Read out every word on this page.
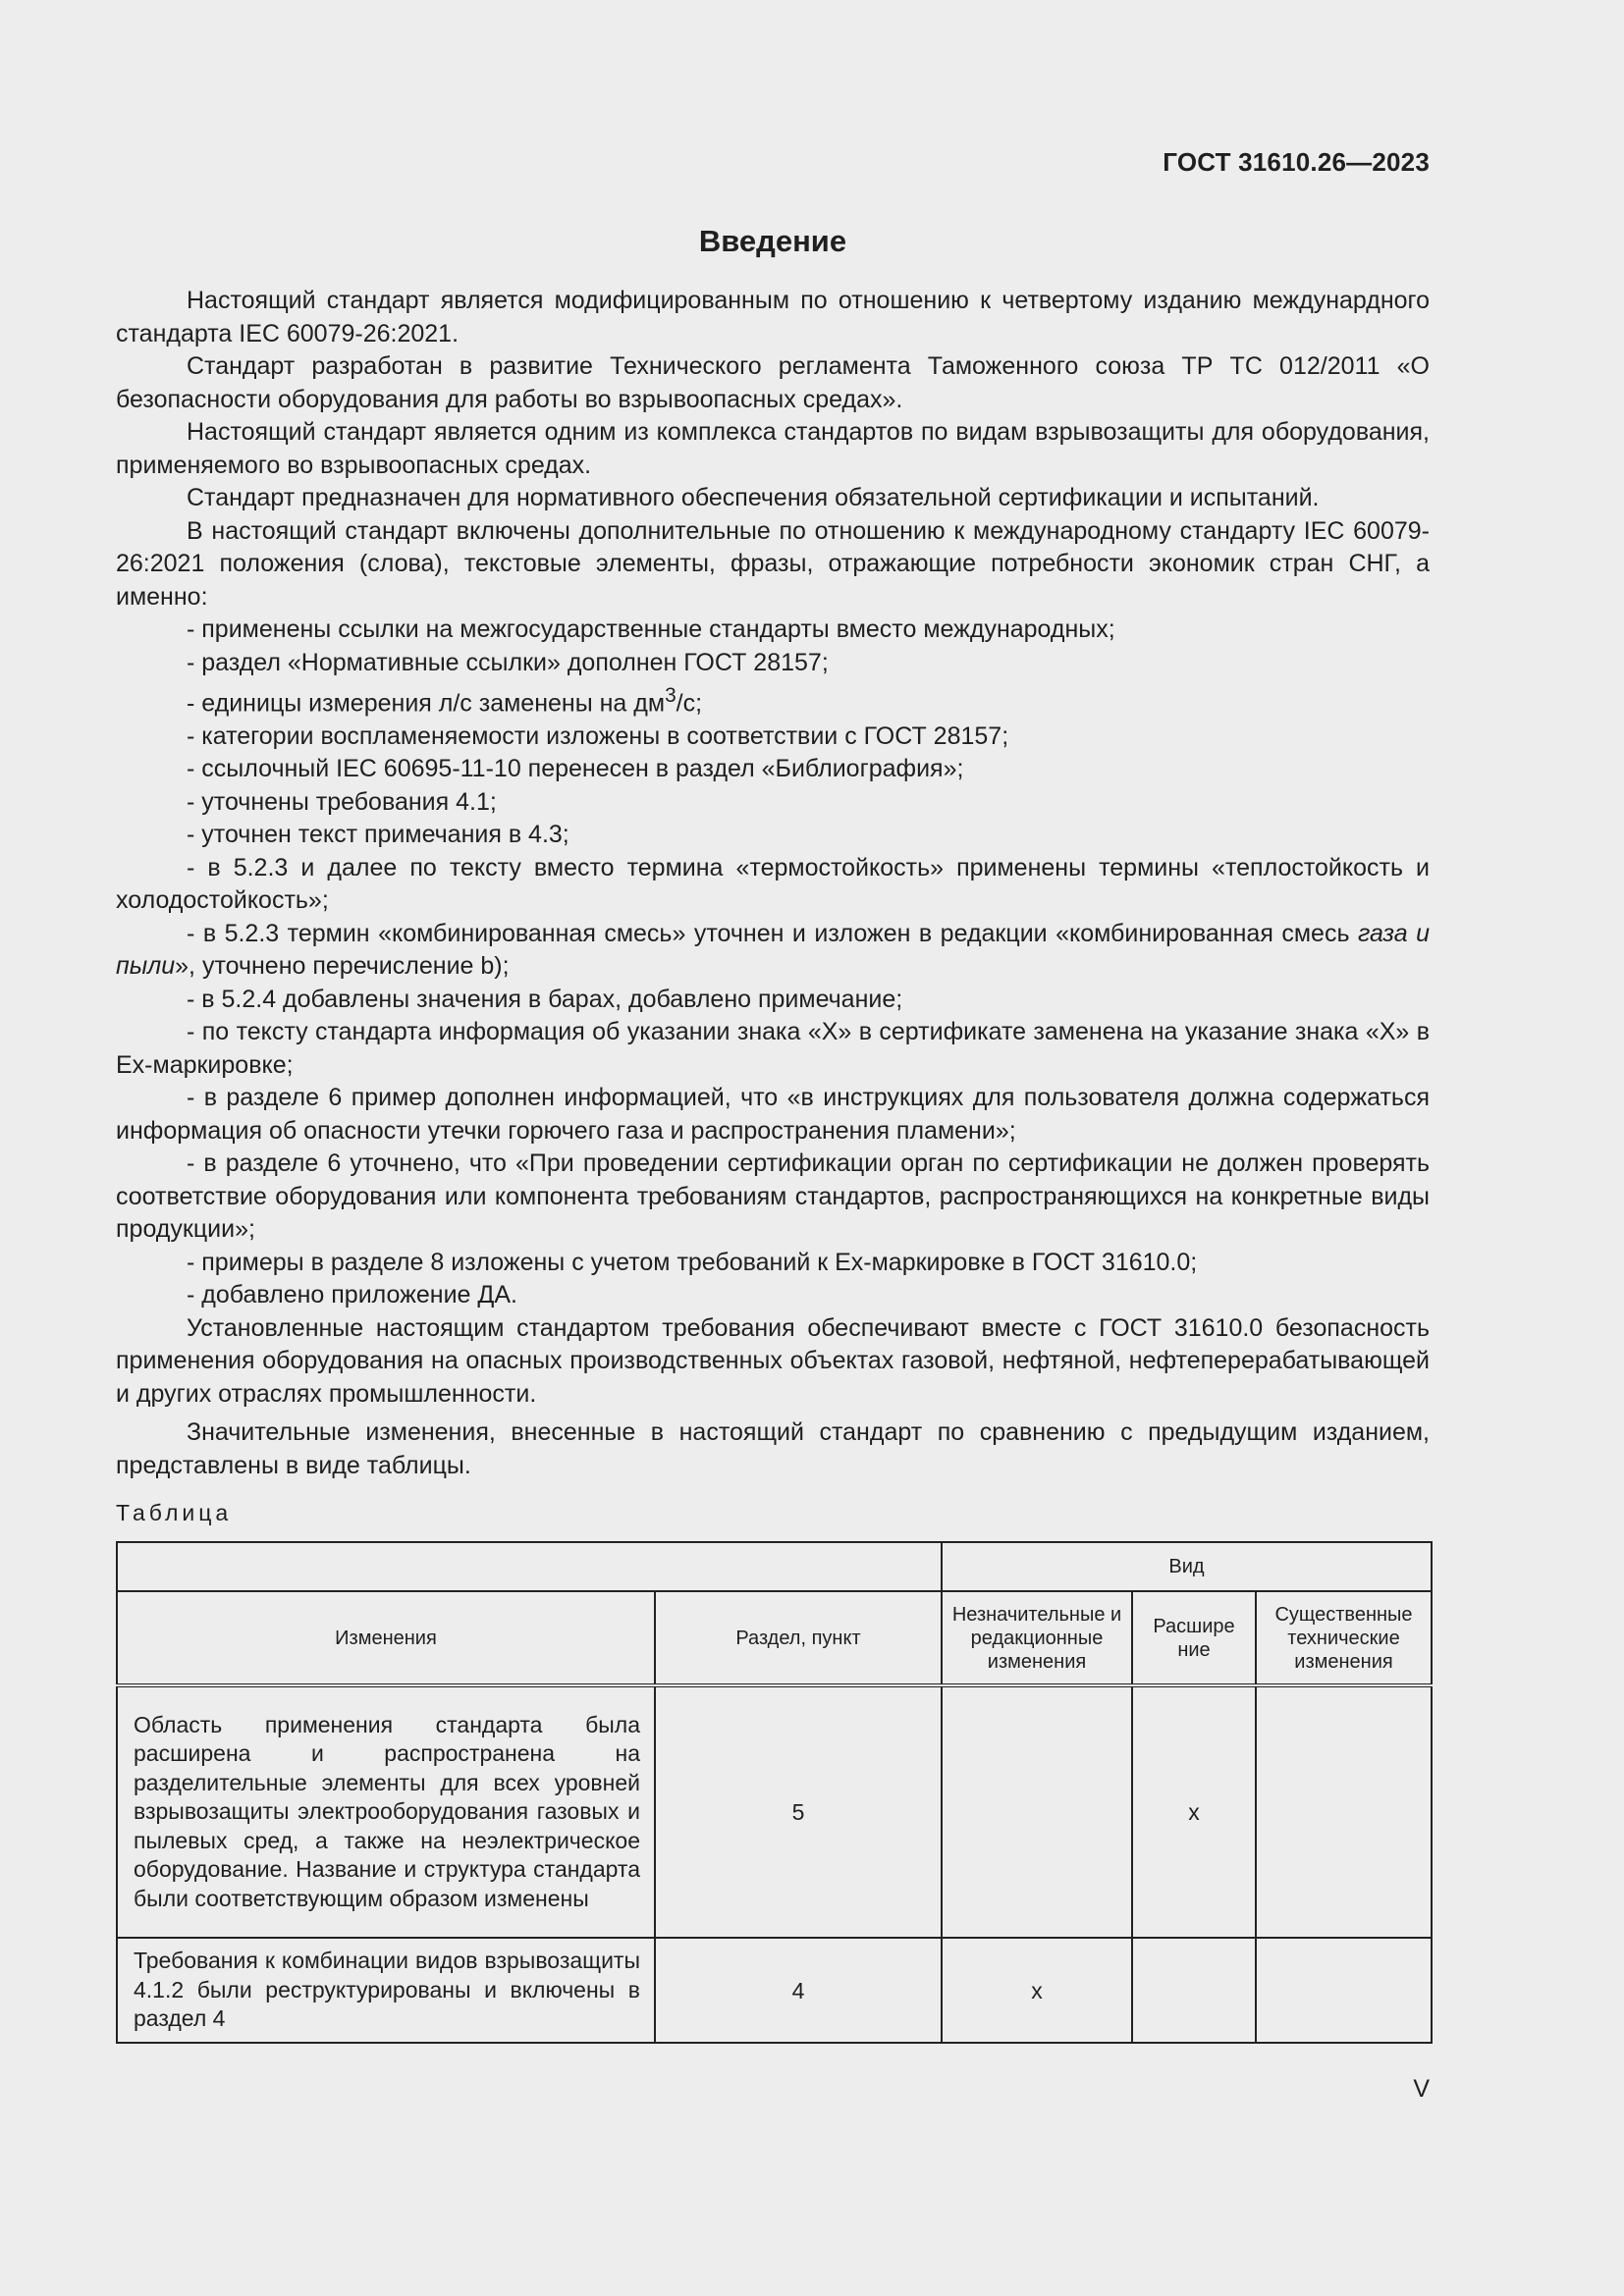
ГОСТ 31610.26—2023
Введение

Настоящий стандарт является модифицированным по отношению к четвертому изданию междунардного стандарта IEC 60079-26:2021.

Стандарт разработан в развитие Технического регламента Таможенного союза ТР ТС 012/2011 «О безопасности оборудования для работы во взрывоопасных средах».

Настоящий стандарт является одним из комплекса стандартов по видам взрывозащиты для оборудования, применяемого во взрывоопасных средах.

Стандарт предназначен для нормативного обеспечения обязательной сертификации и испытаний.

В настоящий стандарт включены дополнительные по отношению к международному стандарту IEC 60079-26:2021 положения (слова), текстовые элементы, фразы, отражающие потребности экономик стран СНГ, а именно:

- применены ссылки на межгосударственные стандарты вместо международных;

- раздел «Нормативные ссылки» дополнен ГОСТ 28157;

- единицы измерения л/с заменены на $дм^3/с$;

- категории воспламеняемости изложены в соответствии с ГОСТ 28157;

- ссылочный IEC 60695-11-10 перенесен в раздел «Библиография»;

- уточнены требования 4.1;

- уточнен текст примечания в 4.3;

- в 5.2.3 и далее по тексту вместо термина «термостойкость» применены термины «теплостойкость и холодостойкость»;

- в 5.2.3 термин «комбинированная смесь» уточнен и изложен в редакции «комбинированная смесь газа и пыли», уточнено перечисление b);

- в 5.2.4 добавлены значения в барах, добавлено примечание;

- по тексту стандарта информация об указании знака «Х» в сертификате заменена на указание знака «Х» в Ex-маркировке;

- в разделе 6 пример дополнен информацией, что «в инструкциях для пользователя должна содержаться информация об опасности утечки горючего газа и распространения пламени»;

- в разделе 6 уточнено, что «При проведении сертификации орган по сертификации не должен проверять соответствие оборудования или компонента требованиям стандартов, распространяющихся на конкретные виды продукции»;

- примеры в разделе 8 изложены с учетом требований к Ex-маркировке в ГОСТ 31610.0;

- добавлено приложение ДА.

Установленные настоящим стандартом требования обеспечивают вместе с ГОСТ 31610.0 безопасность применения оборудования на опасных производственных объектах газовой, нефтяной, нефтеперерабатывающей и других отраслях промышленности.

Значительные изменения, внесенные в настоящий стандарт по сравнению с предыдущим изданием, представлены в виде таблицы.

Таблица
		Вид		
Изменения	Раздел, пункт	Незначительные и редакционные изменения	Расширение	Существенные технические изменения
Область применения стандарта была расширена и распространена на разделительные элементы для всех уровней взрывозащиты электрооборудования газовых и пылевых сред, а также на неэлектрическое оборудование. Название и структура стандарта были соответствующим образом изменены	5		x	
Требования к комбинации видов взрывозащиты 4.1.2 были реструктурированы и включены в раздел 4	4	x		
V
